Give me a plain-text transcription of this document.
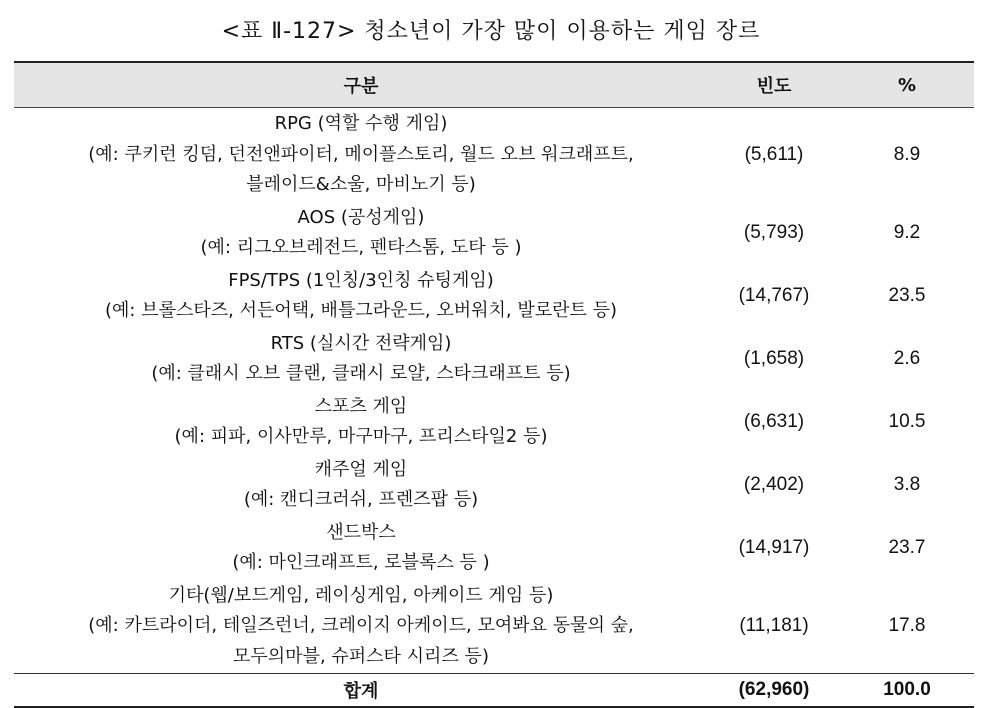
<표 Ⅱ-127> 청소년이 가장 많이 이용하는 게임 장르
구분	빈도	%

RPG (역할 수행 게임)
(예: 쿠키런 킹덤, 던전앤파이터, 메이플스토리, 월드 오브 워크래프트,
블레이드&소울, 마비노기 등)	(5,611)	8.9

AOS (공성게임)
(예: 리그오브레전드, 펜타스톰, 도타 등 )	(5,793)	9.2

FPS/TPS (1인칭/3인칭 슈팅게임)
(예: 브롤스타즈, 서든어택, 배틀그라운드, 오버워치, 발로란트 등)	(14,767)	23.5

RTS (실시간 전략게임)
(예: 클래시 오브 클랜, 클래시 로얄, 스타크래프트 등)	(1,658)	2.6

스포츠 게임
(예: 피파, 이사만루, 마구마구, 프리스타일2 등)	(6,631)	10.5

캐주얼 게임
(예: 캔디크러쉬, 프렌즈팝 등)	(2,402)	3.8

샌드박스
(예: 마인크래프트, 로블록스 등 )	(14,917)	23.7

기타(웹/보드게임, 레이싱게임, 아케이드 게임 등)
(예: 카트라이더, 테일즈런너, 크레이지 아케이드, 모여봐요 동물의 숲,
모두의마블, 슈퍼스타 시리즈 등)	(11,181)	17.8
합계	(62,960)	100.0
